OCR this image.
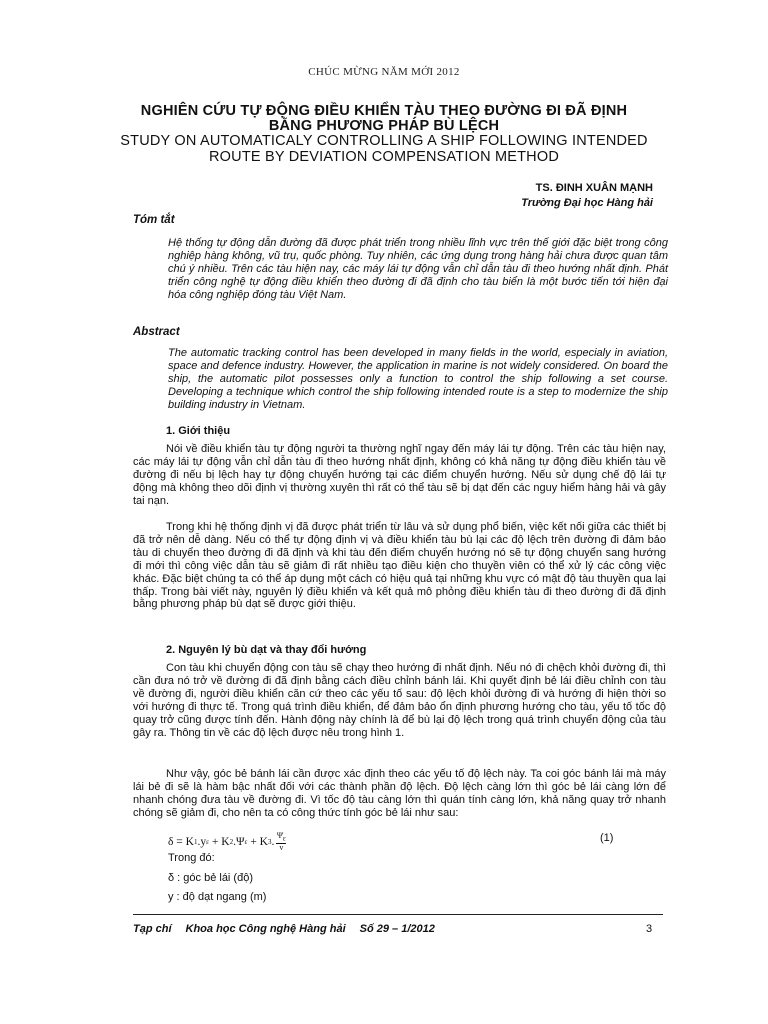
CHÚC MỪNG NĂM MỚI 2012
NGHIÊN CỨU TỰ ĐỘNG ĐIỀU KHIỂN TÀU THEO ĐƯỜNG ĐI ĐÃ ĐỊNH BẰNG PHƯƠNG PHÁP BÙ LỆCH
STUDY ON AUTOMATICALY CONTROLLING A SHIP FOLLOWING INTENDED ROUTE BY DEVIATION COMPENSATION METHOD
TS. ĐINH XUÂN MẠNH
Trường Đại học Hàng hải
Tóm tắt
Hệ thống tự động dẫn đường đã được phát triển trong nhiều lĩnh vực trên thế giới đặc biệt trong công nghiệp hàng không, vũ trụ, quốc phòng. Tuy nhiên, các ứng dụng trong hàng hải chưa được quan tâm chú ý nhiều. Trên các tàu hiện nay, các máy lái tự động vẫn chỉ dẫn tàu đi theo hướng nhất định. Phát triển công nghệ tự động điều khiển theo đường đi đã định cho tàu biển là một bước tiến tới hiện đại hóa công nghiệp đóng tàu Việt Nam.
Abstract
The automatic tracking control has been developed in many fields in the world, especialy in aviation, space and defence industry. However, the application in marine is not widely considered. On board the ship, the automatic pilot possesses only a function to control the ship following a set course. Developing a technique which control the ship following intended route is a step to modernize the ship building industry in Vietnam.
1. Giới thiệu
Nói về điều khiển tàu tự động người ta thường nghĩ ngay đến máy lái tự động. Trên các tàu hiện nay, các máy lái tự động vẫn chỉ dẫn tàu đi theo hướng nhất định, không có khả năng tự động điều khiển tàu về đường đi nếu bị lệch hay tự động chuyển hướng tại các điểm chuyển hướng. Nếu sử dụng chế độ lái tự động mà không theo dõi định vị thường xuyên thì rất có thể tàu sẽ bị dạt đến các nguy hiểm hàng hải và gây tai nạn.
Trong khi hệ thống định vị đã được phát triển từ lâu và sử dụng phổ biến, việc kết nối giữa các thiết bị đã trở nên dễ dàng. Nếu có thể tự động định vị và điều khiển tàu bù lại các độ lệch trên đường đi đảm bảo tàu di chuyển theo đường đi đã định và khi tàu đến điểm chuyển hướng nó sẽ tự động chuyển sang hướng đi mới thì công việc dẫn tàu sẽ giảm đi rất nhiều tạo điều kiện cho thuyền viên có thể xử lý các công việc khác. Đặc biệt chúng ta có thể áp dụng một cách có hiệu quả tại những khu vực có mật độ tàu thuyền qua lại thấp. Trong bài viết này, nguyên lý điều khiển và kết quả mô phỏng điều khiển tàu đi theo đường đi đã định bằng phương pháp bù dạt sẽ được giới thiệu.
2. Nguyên lý bù dạt và thay đổi hướng
Con tàu khi chuyển động con tàu sẽ chạy theo hướng đi nhất định. Nếu nó đi chệch khỏi đường đi, thì cần đưa nó trở về đường đi đã định bằng cách điều chỉnh bánh lái. Khi quyết định bẻ lái điều chỉnh con tàu về đường đi, người điều khiển căn cứ theo các yếu tố sau: độ lệch khỏi đường đi và hướng đi hiện thời so với hướng đi thực tế. Trong quá trình điều khiển, để đảm bảo ổn định phương hướng cho tàu, yếu tố tốc độ quay trở cũng được tính đến. Hành động này chính là để bù lại độ lệch trong quá trình chuyển động của tàu gây ra. Thông tin về các độ lệch được nêu trong hình 1.
Như vậy, góc bẻ bánh lái cần được xác định theo các yếu tố độ lệch này. Ta coi góc bánh lái mà máy lái bẻ đi sẽ là hàm bậc nhất đối với các thành phần độ lệch. Độ lệch càng lớn thì góc bẻ lái càng lớn để nhanh chóng đưa tàu về đường đi. Vì tốc độ tàu càng lớn thì quán tính càng lớn, khả năng quay trở nhanh chóng sẽ giảm đi, cho nên ta có công thức tính góc bẻ lái như sau:
δ = K 1 .y ε + K 2 .Ψ ε + K 3 . $\frac{\Psi̇_\varepsilon}{v}$	(1)
Trong đó:
δ : góc bẻ lái (độ)
y : độ dạt ngang (m)
Tạp chí Khoa học Công nghệ Hàng hải Số 29 – 1/2012	3
